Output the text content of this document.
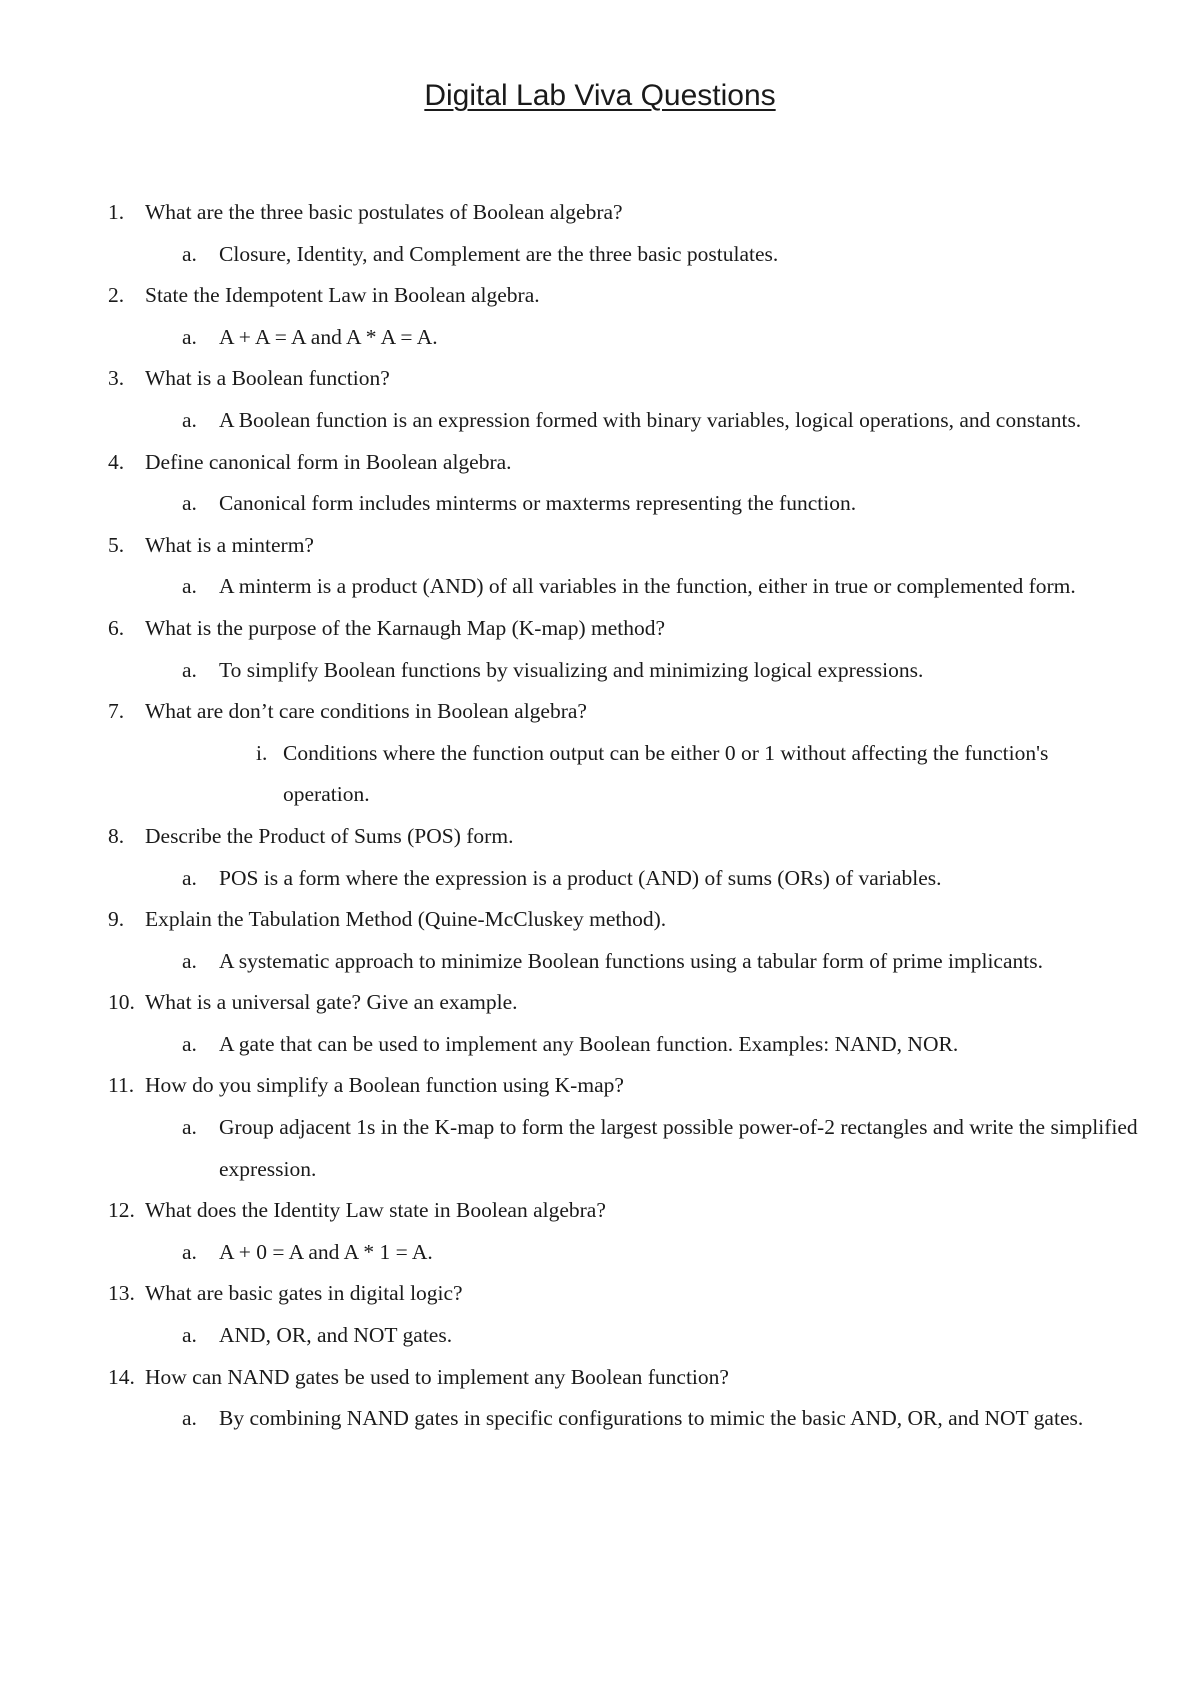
Digital Lab Viva Questions
1. What are the three basic postulates of Boolean algebra?
a.	Closure, Identity, and Complement are the three basic postulates.
2. State the Idempotent Law in Boolean algebra.
a.	A + A = A and A * A = A.
3. What is a Boolean function?
a.	A Boolean function is an expression formed with binary variables, logical operations, and constants.
4. Define canonical form in Boolean algebra.
a.	Canonical form includes minterms or maxterms representing the function.
5. What is a minterm?
a.	A minterm is a product (AND) of all variables in the function, either in true or complemented form.
6. What is the purpose of the Karnaugh Map (K-map) method?
a.	To simplify Boolean functions by visualizing and minimizing logical expressions.
7. What are don’t care conditions in Boolean algebra?
i. Conditions where the function output can be either 0 or 1 without affecting the function's operation.
8. Describe the Product of Sums (POS) form.
a.	POS is a form where the expression is a product (AND) of sums (ORs) of variables.
9. Explain the Tabulation Method (Quine-McCluskey method).
a.	A systematic approach to minimize Boolean functions using a tabular form of prime implicants.
10. What is a universal gate? Give an example.
a.	A gate that can be used to implement any Boolean function. Examples: NAND, NOR.
11. How do you simplify a Boolean function using K-map?
a.	Group adjacent 1s in the K-map to form the largest possible power-of-2 rectangles and write the simplified expression.
12. What does the Identity Law state in Boolean algebra?
a.	A + 0 = A and A * 1 = A.
13. What are basic gates in digital logic?
a.	AND, OR, and NOT gates.
14. How can NAND gates be used to implement any Boolean function?
a.	By combining NAND gates in specific configurations to mimic the basic AND, OR, and NOT gates.
